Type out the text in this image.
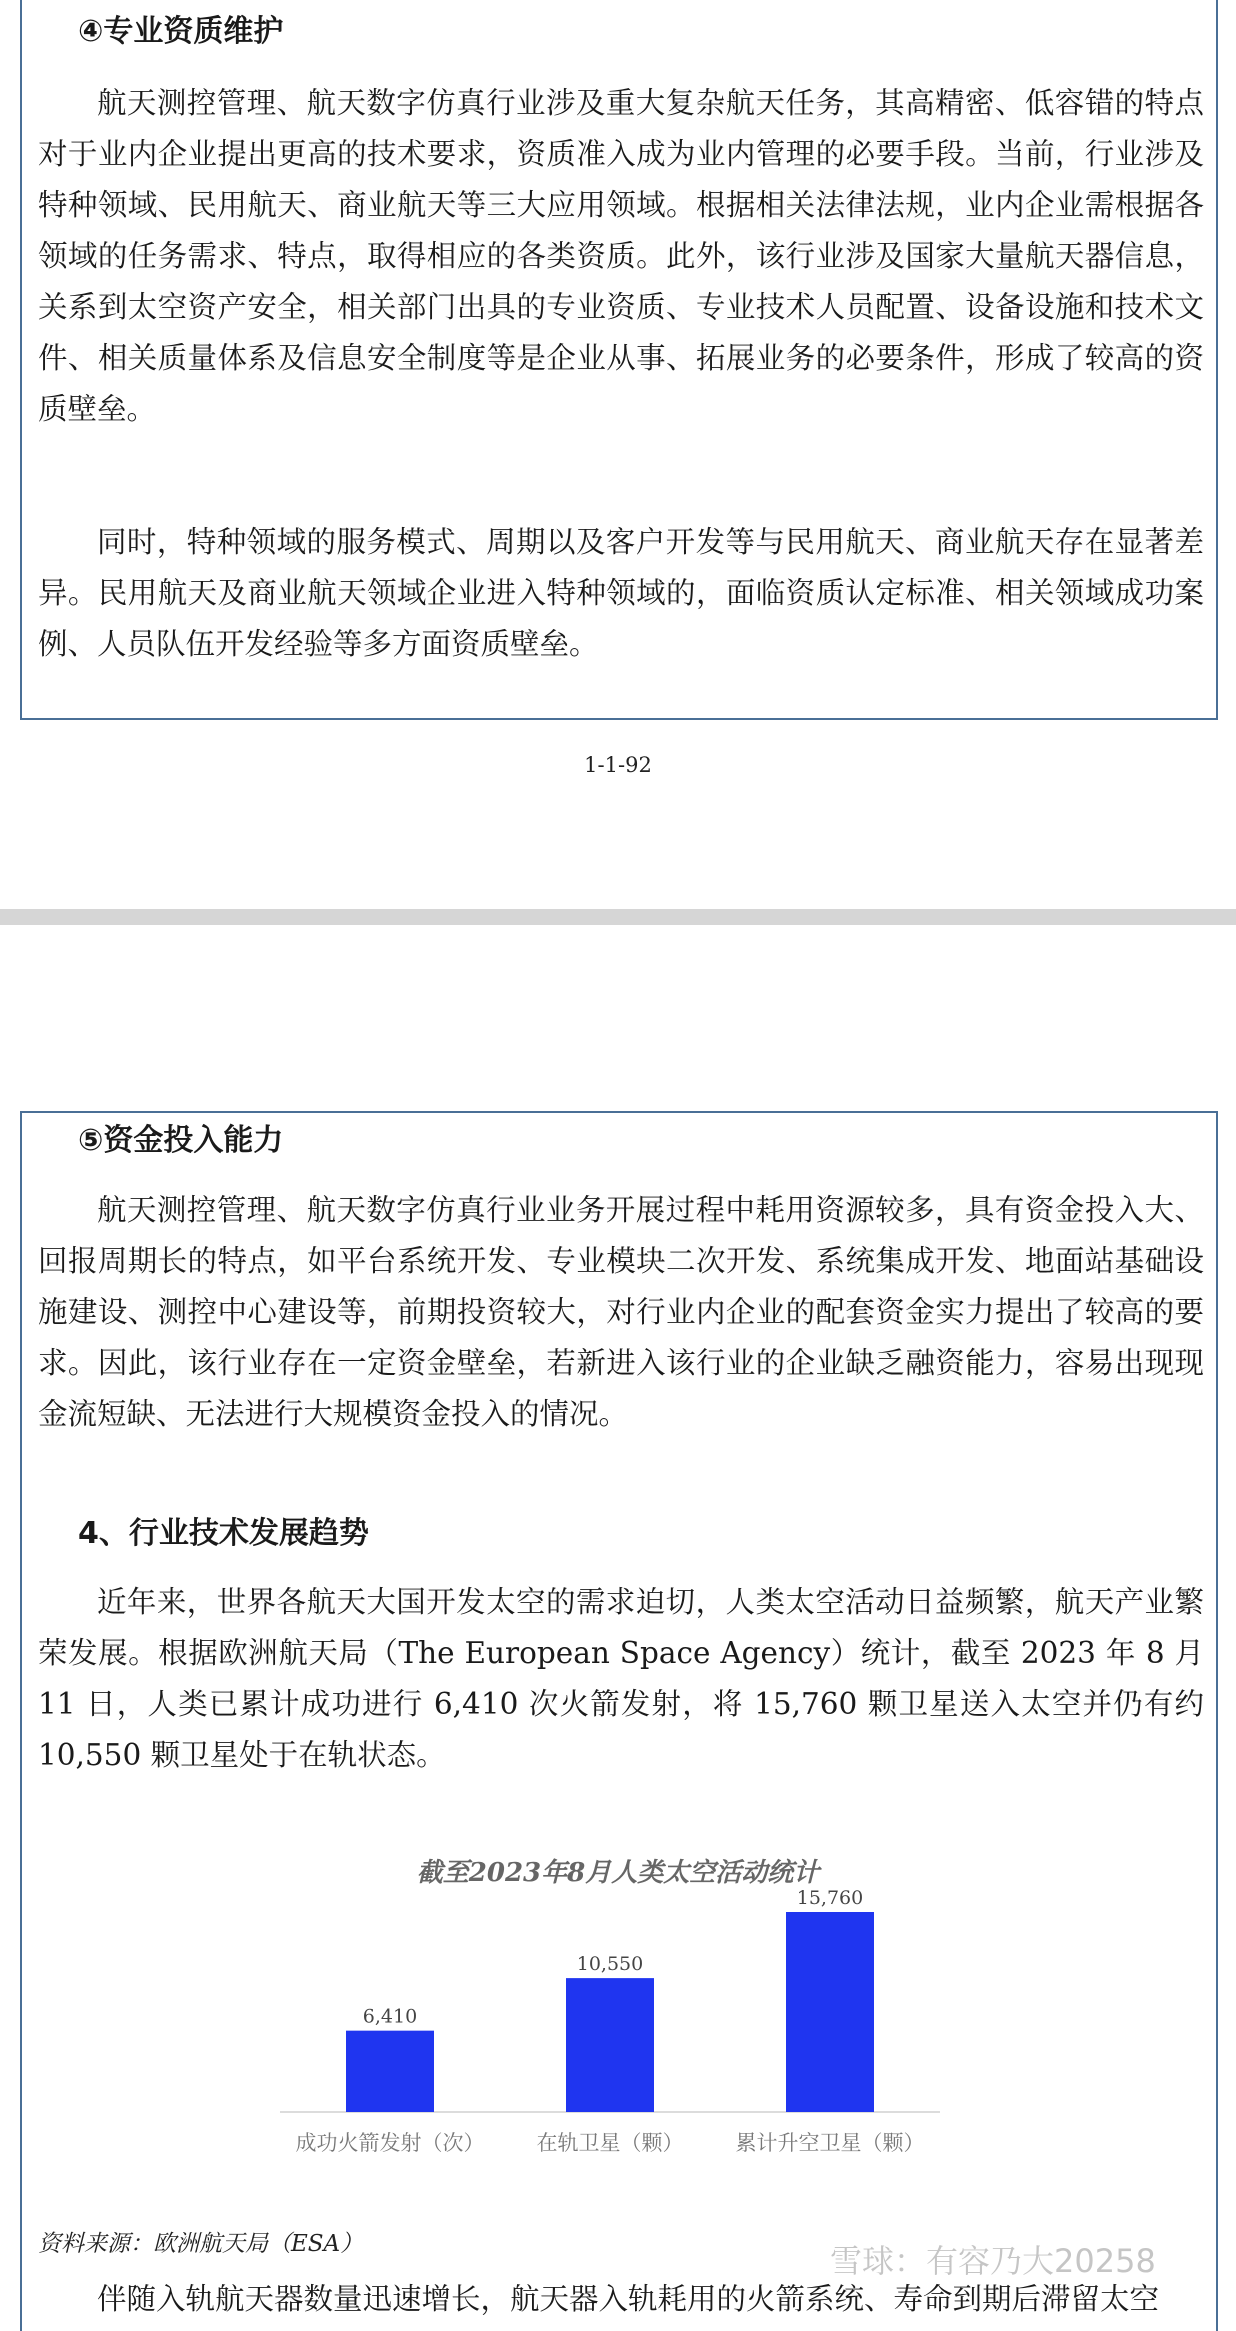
④专业资质维护

航天测控管理、航天数字仿真行业涉及重大复杂航天任务，其高精密、低容错的特点对于业内企业提出更高的技术要求，资质准入成为业内管理的必要手段。当前，行业涉及特种领域、民用航天、商业航天等三大应用领域。根据相关法律法规，业内企业需根据各领域的任务需求、特点，取得相应的各类资质。此外，该行业涉及国家大量航天器信息，关系到太空资产安全，相关部门出具的专业资质、专业技术人员配置、设备设施和技术文件、相关质量体系及信息安全制度等是企业从事、拓展业务的必要条件，形成了较高的资质壁垒。

同时，特种领域的服务模式、周期以及客户开发等与民用航天、商业航天存在显著差异。民用航天及商业航天领域企业进入特种领域的，面临资质认定标准、相关领域成功案例、人员队伍开发经验等多方面资质壁垒。

1-1-92
⑤资金投入能力

航天测控管理、航天数字仿真行业业务开展过程中耗用资源较多，具有资金投入大、回报周期长的特点，如平台系统开发、专业模块二次开发、系统集成开发、地面站基础设施建设、测控中心建设等，前期投资较大，对行业内企业的配套资金实力提出了较高的要求。因此，该行业存在一定资金壁垒，若新进入该行业的企业缺乏融资能力，容易出现现金流短缺、无法进行大规模资金投入的情况。

4、行业技术发展趋势

近年来，世界各航天大国开发太空的需求迫切，人类太空活动日益频繁，航天产业繁荣发展。根据欧洲航天局（The European Space Agency）统计，截至 2023 年 8 月 11 日，人类已累计成功进行 6,410 次火箭发射，将 15,760 颗卫星送入太空并仍有约 10,550 颗卫星处于在轨状态。

截至2023年8月人类太空活动统计
6,410
成功火箭发射（次）
10,550
在轨卫星（颗）
15,760
累计升空卫星（颗）
资料来源：欧洲航天局（ESA）	雪球：有容乃大20258
伴随入轨航天器数量迅速增长，航天器入轨耗用的火箭系统、寿命到期后滞留太空
